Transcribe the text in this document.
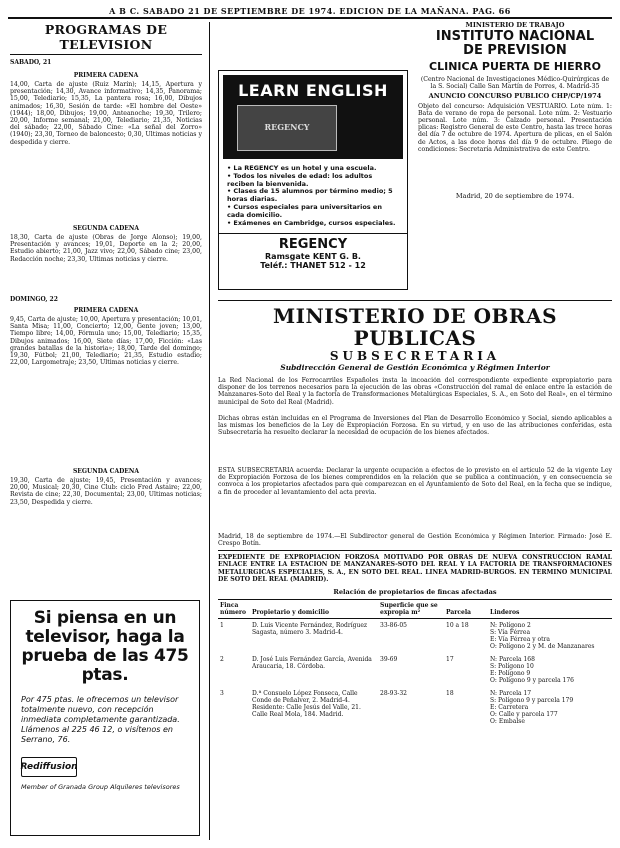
A B C. SABADO 21 DE SEPTIEMBRE DE 1974. EDICION DE LA MAÑANA. PAG. 66
PROGRAMAS DE TELEVISION
SABADO, 21
PRIMERA CADENA
14,00, Carta de ajuste (Ruiz Marín); 14,15, Apertura y presentación; 14,30, Avance informativo; 14,35, Panorama; 15,00, Telediario; 15,35, La pantera rosa; 16,00, Dibujos animados; 16,30, Sesión de tarde: «El hombre del Oeste» (1944); 18,00, Dibujos; 19,00, Anteanoche; 19,30, Trilero; 20,00, Informe semanal; 21,00, Telediario; 21,35, Noticias del sábado; 22,00, Sábado Cine: «La señal del Zorro» (1940); 23,30, Torneo de baloncesto; 0,30, Ultimas noticias y despedida y cierre.
SEGUNDA CADENA
18,30, Carta de ajuste (Obras de Jorge Alonso); 19,00, Presentación y avances; 19,01, Deporte en la 2; 20,00, Estudio abierto; 21,00, Jazz vivo; 22,00, Sábado cine; 23,00, Redacción noche; 23,30, Ultimas noticias y cierre.
DOMINGO, 22
PRIMERA CADENA
9,45, Carta de ajuste; 10,00, Apertura y presentación; 10,01, Santa Misa; 11,00, Concierto; 12,00, Gente joven; 13,00, Tiempo libre; 14,00, Fórmula uno; 15,00, Telediario; 15,35, Dibujos animados; 16,00, Siete días; 17,00, Ficción: «Las grandes batallas de la historia»; 18,00, Tarde del domingo; 19,30, Fútbol; 21,00, Telediario; 21,35, Estudio estadio; 22,00, Largometraje; 23,50, Ultimas noticias y cierre.
SEGUNDA CADENA
19,30, Carta de ajuste; 19,45, Presentación y avances; 20,00, Musical; 20,30, Cine Club: ciclo Fred Astaire; 22,00, Revista de cine; 22,30, Documental; 23,00, Ultimas noticias; 23,50, Despedida y cierre.
Si piensa en un televisor, haga la prueba de las 475 ptas.
Por 475 ptas. le ofrecemos un televisor totalmente nuevo, con recepción inmediata completamente garantizada. Llámenos al 225 46 12, o visítenos en Serrano, 76.
Rediffusion
Member of Granada Group Alquileres televisores
LEARN ENGLISH
REGENCY
• La REGENCY es un hotel y una escuela.
• Todos los niveles de edad: los adultos reciben la bienvenida.
• Clases de 15 alumnos por término medio; 5 horas diarias.
• Cursos especiales para universitarios en cada domicilio.
• Exámenes en Cambridge, cursos especiales.
REGENCY
Ramsgate KENT G. B.
Teléf.: THANET 512 - 12
MINISTERIO DE TRABAJO
INSTITUTO NACIONAL
DE PREVISION
CLINICA PUERTA DE HIERRO
(Centro Nacional de Investigaciones Médico-Quirúrgicas de la S. Social) Calle San Martín de Porres, 4. Madrid-35
ANUNCIO CONCURSO PUBLICO CHP/CP/1974
Objeto del concurso: Adquisición VESTUARIO. Lote núm. 1: Bata de verano de ropa de personal. Lote núm. 2: Vestuario personal. Lote núm. 3: Calzado personal. Presentación plicas: Registro General de este Centro, hasta las trece horas del día 7 de octubre de 1974. Apertura de plicas, en el Salón de Actos, a las doce horas del día 9 de octubre. Pliego de condiciones: Secretaría Administrativa de este Centro.
Madrid, 20 de septiembre de 1974.
MINISTERIO DE OBRAS PUBLICAS
SUBSECRETARIA
Subdirección General de Gestión Económica y Régimen Interior
La Red Nacional de los Ferrocarriles Españoles insta la incoación del correspondiente expediente expropiatorio para disponer de los terrenos necesarios para la ejecución de las obras «Construcción del ramal de enlace entre la estación de Manzanares-Soto del Real y la factoría de Transformaciones Metalúrgicas Especiales, S. A., en Soto del Real», en el término municipal de Soto del Real (Madrid).
Dichas obras están incluidas en el Programa de Inversiones del Plan de Desarrollo Económico y Social, siendo aplicables a las mismas los beneficios de la Ley de Expropiación Forzosa. En su virtud, y en uso de las atribuciones conferidas, esta Subsecretaría ha resuelto declarar la necesidad de ocupación de los bienes afectados.
ESTA SUBSECRETARIA acuerda: Declarar la urgente ocupación a efectos de lo previsto en el artículo 52 de la vigente Ley de Expropiación Forzosa de los bienes comprendidos en la relación que se publica a continuación, y en consecuencia se convoca a los propietarios afectados para que comparezcan en el Ayuntamiento de Soto del Real, en la fecha que se indique, a fin de proceder al levantamiento del acta previa.
Madrid, 18 de septiembre de 1974.—El Subdirector general de Gestión Económica y Régimen Interior. Firmado: José E. Crespo Botín.
EXPEDIENTE DE EXPROPIACION FORZOSA MOTIVADO POR OBRAS DE NUEVA CONSTRUCCION RAMAL ENLACE ENTRE LA ESTACION DE MANZANARES-SOTO DEL REAL Y LA FACTORIA DE TRANSFORMACIONES METALURGICAS ESPECIALES, S. A., EN SOTO DEL REAL. LINEA MADRID-BURGOS. EN TERMINO MUNICIPAL DE SOTO DEL REAL (MADRID).
Relación de propietarios de fincas afectadas
Finca número	Propietario y domicilio	Superficie que se expropia m²	Parcela	Linderos
1	D. Luis Vicente Fernández, Rodríguez Sagasta, número 3. Madrid-4.	33-86-05	10 a 18	N: Polígono 2
S: Vía Férrea
E: Vía Férrea y otra
O: Polígono 2 y M. de Manzanares
2	D. José Luis Fernández García, Avenida Araucaria, 18. Córdoba.	39-69	17	N: Parcela 168
S: Polígono 10
E: Polígono 9
O: Polígono 9 y parcela 176
3	D.ª Consuelo López Fonseca, Calle Conde de Peñalver, 2. Madrid-4. Residente: Calle Jesús del Valle, 21. Calle Real Mola, 184. Madrid.	28-93-32	18	N: Parcela 17
S: Polígono 9 y parcela 179
E: Carretera
O: Calle y parcela 177
O: Embalse
